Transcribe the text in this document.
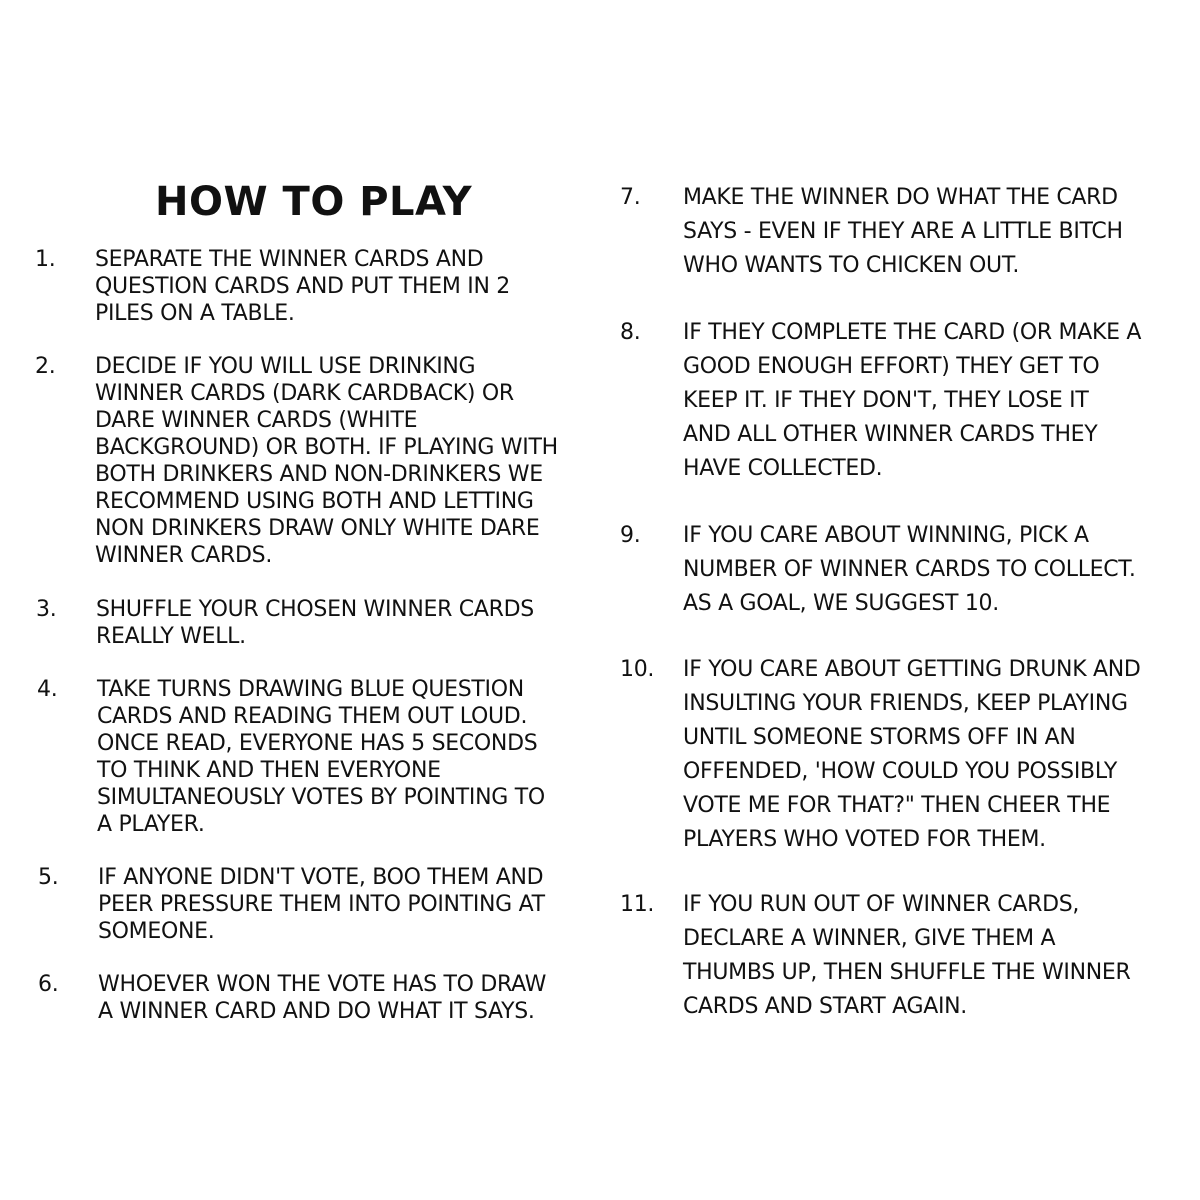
HOW TO PLAY
1.	SEPARATE THE WINNER CARDS AND
QUESTION CARDS AND PUT THEM IN 2
PILES ON A TABLE.
2.	DECIDE IF YOU WILL USE DRINKING
WINNER CARDS (DARK CARDBACK) OR
DARE WINNER CARDS (WHITE
BACKGROUND) OR BOTH. IF PLAYING WITH
BOTH DRINKERS AND NON-DRINKERS WE
RECOMMEND USING BOTH AND LETTING
NON DRINKERS DRAW ONLY WHITE DARE
WINNER CARDS.
3.	SHUFFLE YOUR CHOSEN WINNER CARDS
REALLY WELL.
4.	TAKE TURNS DRAWING BLUE QUESTION
CARDS AND READING THEM OUT LOUD.
ONCE READ, EVERYONE HAS 5 SECONDS
TO THINK AND THEN EVERYONE
SIMULTANEOUSLY VOTES BY POINTING TO
A PLAYER.
5.	IF ANYONE DIDN'T VOTE, BOO THEM AND
PEER PRESSURE THEM INTO POINTING AT
SOMEONE.
6.	WHOEVER WON THE VOTE HAS TO DRAW
A WINNER CARD AND DO WHAT IT SAYS.
7.	MAKE THE WINNER DO WHAT THE CARD
SAYS - EVEN IF THEY ARE A LITTLE BITCH
WHO WANTS TO CHICKEN OUT.
8.	IF THEY COMPLETE THE CARD (OR MAKE A
GOOD ENOUGH EFFORT) THEY GET TO
KEEP IT. IF THEY DON'T, THEY LOSE IT
AND ALL OTHER WINNER CARDS THEY
HAVE COLLECTED.
9.	IF YOU CARE ABOUT WINNING, PICK A
NUMBER OF WINNER CARDS TO COLLECT.
AS A GOAL, WE SUGGEST 10.
10.	IF YOU CARE ABOUT GETTING DRUNK AND
INSULTING YOUR FRIENDS, KEEP PLAYING
UNTIL SOMEONE STORMS OFF IN AN
OFFENDED, 'HOW COULD YOU POSSIBLY
VOTE ME FOR THAT?" THEN CHEER THE
PLAYERS WHO VOTED FOR THEM.
11.	IF YOU RUN OUT OF WINNER CARDS,
DECLARE A WINNER, GIVE THEM A
THUMBS UP, THEN SHUFFLE THE WINNER
CARDS AND START AGAIN.
